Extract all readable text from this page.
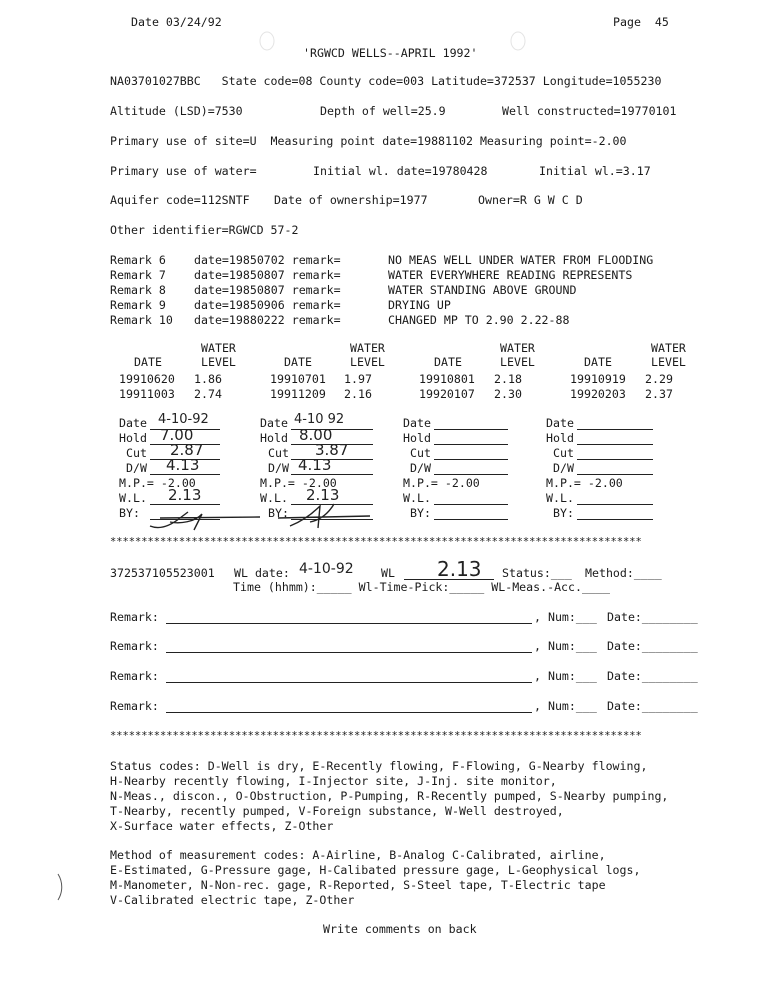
Date 03/24/92	Page  45
'RGWCD WELLS--APRIL 1992'
NA03701027BBC   State code=08 County code=003 Latitude=372537 Longitude=1055230
Altitude (LSD)=7530	Depth of well=25.9	Well constructed=19770101
Primary use of site=U  Measuring point date=19881102 Measuring point=-2.00
Primary use of water=	Initial wl. date=19780428	Initial wl.=3.17
Aquifer code=112SNTF Date of ownership=1977	Owner=R G W C D
Other identifier=RGWCD 57-2
Remark 6 date=19850702 remark=	NO MEAS WELL UNDER WATER FROM FLOODING
Remark 7 date=19850807 remark=	WATER EVERYWHERE READING REPRESENTS
Remark 8 date=19850807 remark=	WATER STANDING ABOVE GROUND
Remark 9 date=19850906 remark=	DRYING UP
Remark 10 date=19880222 remark=	CHANGED MP TO 2.90 2.22-88
WATER	WATER	WATER	WATER
DATE	LEVEL	DATE	LEVEL	DATE	LEVEL	DATE	LEVEL
19910620 1.86	19910701 1.97	19910801 2.18	19910919 2.29
19911003 2.74	19911209 2.16	19920107 2.30	19920203 2.37
Date 4-10-92
Hold 7.00
Cut 2.87
D/W 4.13
M.P.= -2.00
W.L. 2.13
BY:
Date 4-10 92
Hold 8.00
Cut 3.87
D/W 4.13
M.P.= -2.00
W.L. 2.13
BY:
Date
Hold
Cut
D/W
M.P.= -2.00
W.L.
BY:
Date
Hold
Cut
D/W
M.P.= -2.00
W.L.
BY:
*************************************************************************************
372537105523001 WL date: 4-10-92 WL 2.13 Status:___ Method:____
Time (hhmm):_____ Wl-Time-Pick:_____ WL-Meas.-Acc.____
Remark:	, Num:___ Date:________
Remark:	, Num:___ Date:________
Remark:	, Num:___ Date:________
Remark:	, Num:___ Date:________
*************************************************************************************
Status codes: D-Well is dry, E-Recently flowing, F-Flowing, G-Nearby flowing,
H-Nearby recently flowing, I-Injector site, J-Inj. site monitor,
N-Meas., discon., O-Obstruction, P-Pumping, R-Recently pumped, S-Nearby pumping,
T-Nearby, recently pumped, V-Foreign substance, W-Well destroyed,
X-Surface water effects, Z-Other
Method of measurement codes: A-Airline, B-Analog C-Calibrated, airline,
E-Estimated, G-Pressure gage, H-Calibated pressure gage, L-Geophysical logs,
M-Manometer, N-Non-rec. gage, R-Reported, S-Steel tape, T-Electric tape
V-Calibrated electric tape, Z-Other
Write comments on back
